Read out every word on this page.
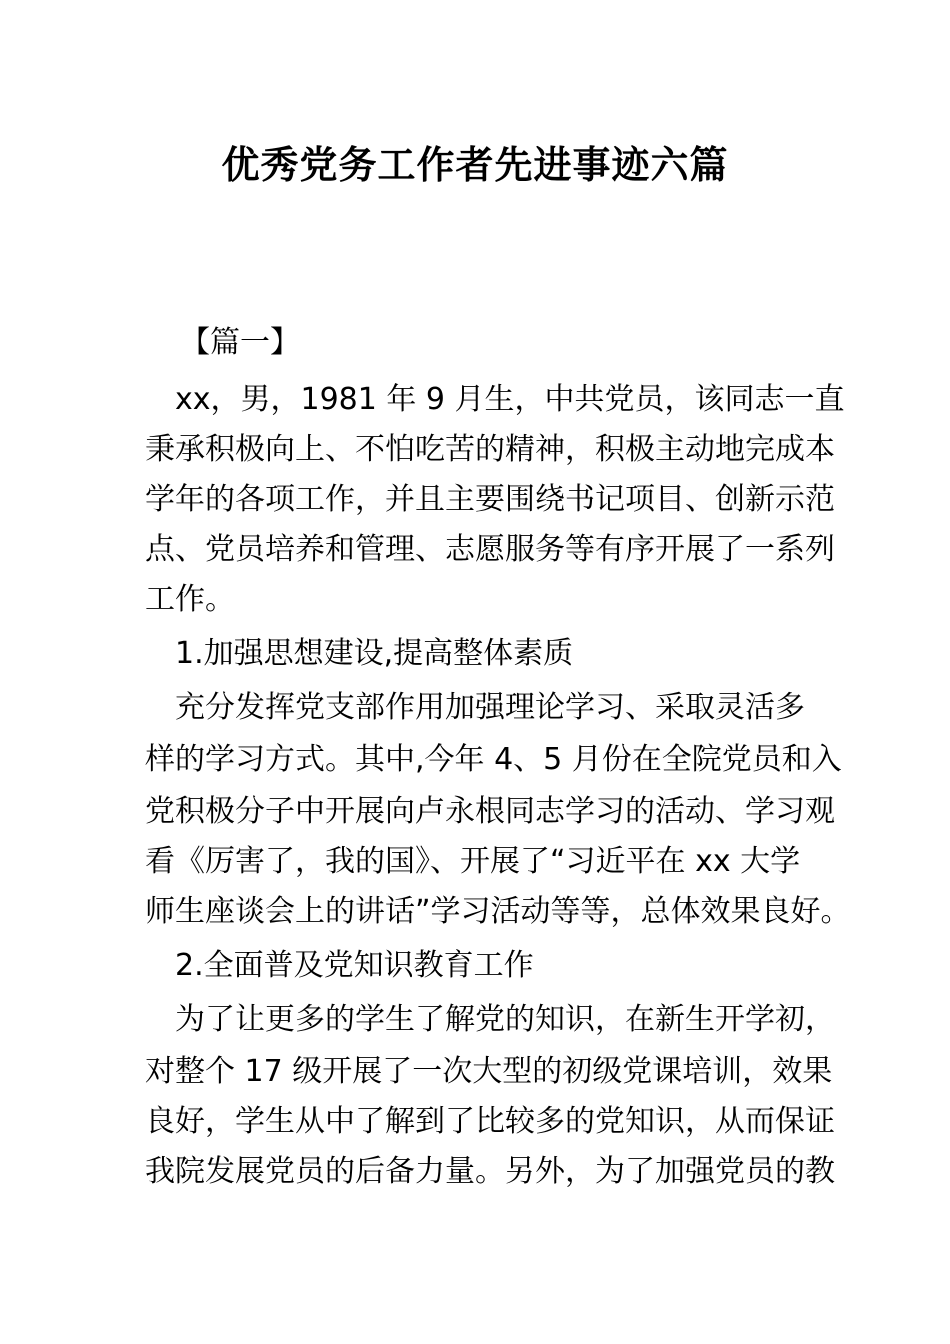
优秀党务工作者先进事迹六篇
【篇一】
xx，男，1981 年 9 月生，中共党员，该同志一直
秉承积极向上、不怕吃苦的精神，积极主动地完成本
学年的各项工作，并且主要围绕书记项目、创新示范
点、党员培养和管理、志愿服务等有序开展了一系列
工作。
1.加强思想建设,提高整体素质
充分发挥党支部作用加强理论学习、采取灵活多
样的学习方式。其中,今年 4、5 月份在全院党员和入
党积极分子中开展向卢永根同志学习的活动、学习观
看《厉害了，我的国》、开展了“习近平在 xx 大学
师生座谈会上的讲话”学习活动等等，总体效果良好。
2.全面普及党知识教育工作
为了让更多的学生了解党的知识，在新生开学初，
对整个 17 级开展了一次大型的初级党课培训，效果
良好，学生从中了解到了比较多的党知识，从而保证
我院发展党员的后备力量。另外，为了加强党员的教
